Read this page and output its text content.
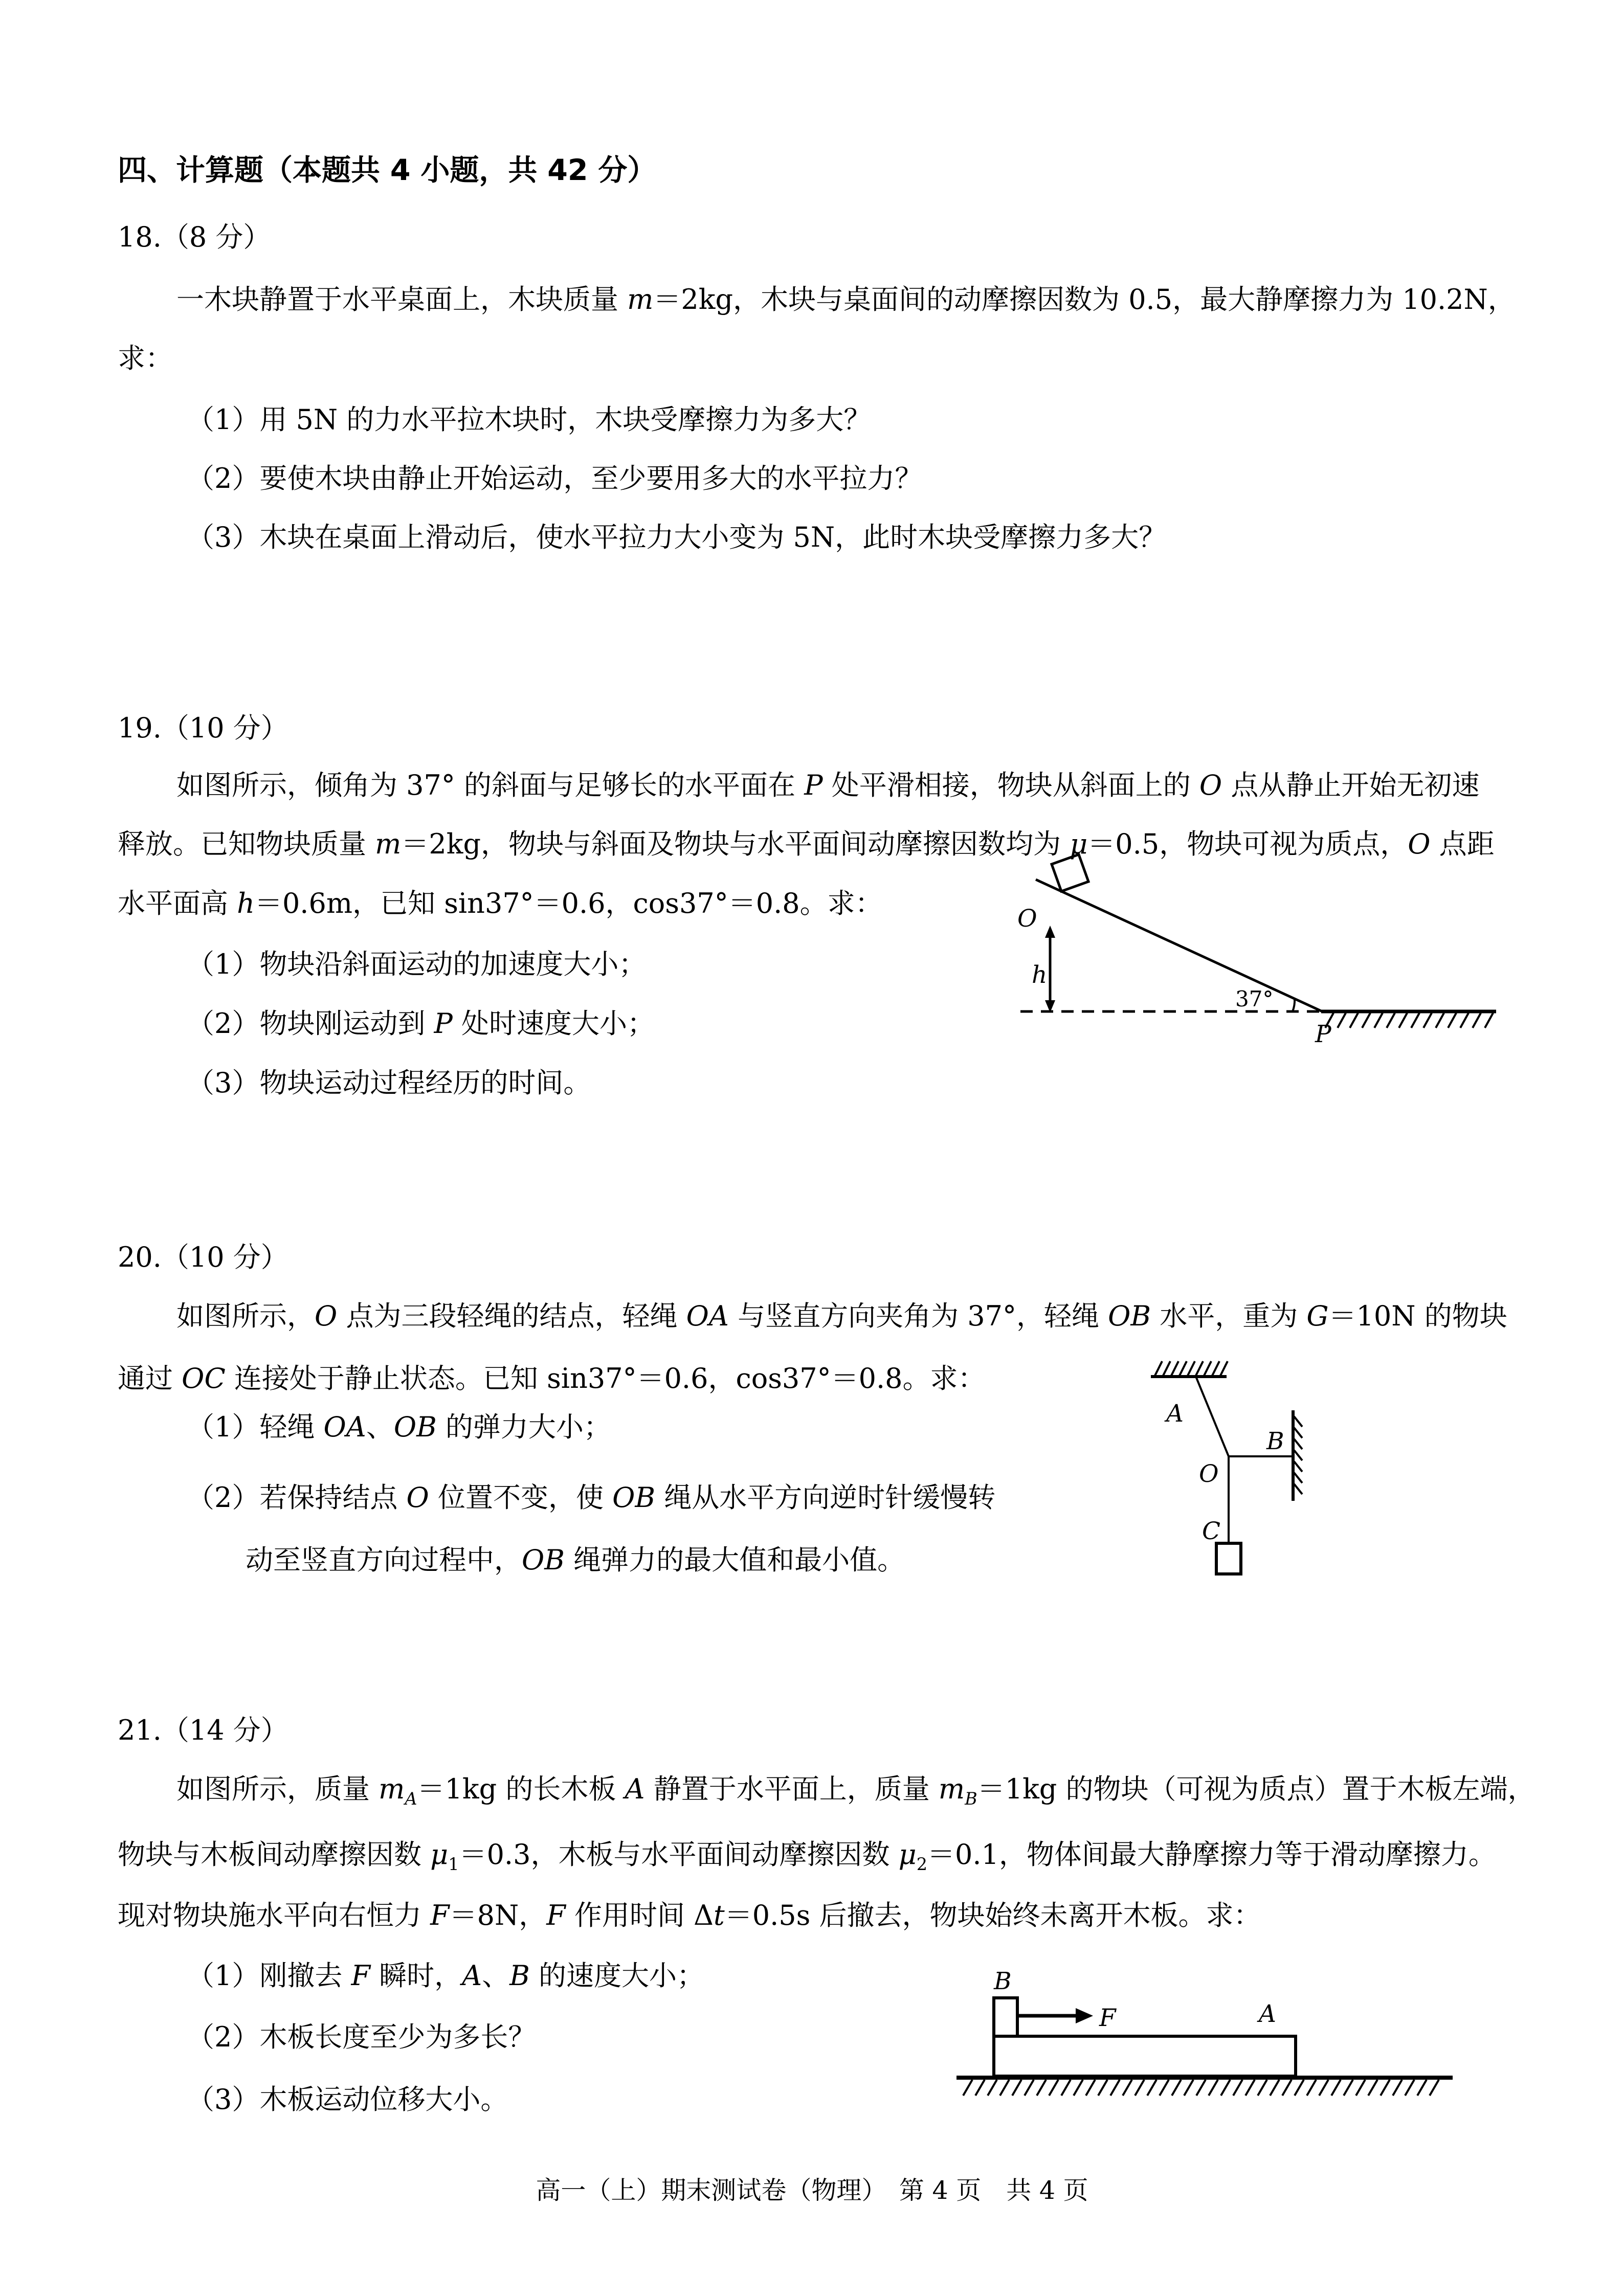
四、计算题（本题共 4 小题，共 42 分）
18.（8 分）
一木块静置于水平桌面上，木块质量 m＝2kg，木块与桌面间的动摩擦因数为 0.5，最大静摩擦力为 10.2N，
求：
（1）用 5N 的力水平拉木块时，木块受摩擦力为多大？
（2）要使木块由静止开始运动，至少要用多大的水平拉力？
（3）木块在桌面上滑动后，使水平拉力大小变为 5N，此时木块受摩擦力多大？
19.（10 分）
如图所示，倾角为 37° 的斜面与足够长的水平面在 P 处平滑相接，物块从斜面上的 O 点从静止开始无初速
释放。已知物块质量 m＝2kg，物块与斜面及物块与水平面间动摩擦因数均为 μ＝0.5，物块可视为质点，O 点距
水平面高 h＝0.6m，已知 sin37°＝0.6，cos37°＝0.8。求：
（1）物块沿斜面运动的加速度大小；
（2）物块刚运动到 P 处时速度大小；
（3）物块运动过程经历的时间。
O
h
37°
P
20.（10 分）
如图所示，O 点为三段轻绳的结点，轻绳 OA 与竖直方向夹角为 37°，轻绳 OB 水平，重为 G＝10N 的物块
通过 OC 连接处于静止状态。已知 sin37°＝0.6，cos37°＝0.8。求：
（1）轻绳 OA、OB 的弹力大小；
（2）若保持结点 O 位置不变，使 OB 绳从水平方向逆时针缓慢转
动至竖直方向过程中，OB 绳弹力的最大值和最小值。
A
B
O
C
21.（14 分）
如图所示，质量 $m_A=1kg$ 的长木板 A 静置于水平面上，质量 $m_B=1kg$ 的物块（可视为质点）置于木板左端，
物块与木板间动摩擦因数 $\mu_1=0.3$，木板与水平面间动摩擦因数 $\mu_2=0.1$，物体间最大静摩擦力等于滑动摩擦力。
现对物块施水平向右恒力 F＝8N，F 作用时间 Δt＝0.5s 后撤去，物块始终未离开木板。求：
（1）刚撤去 F 瞬时，A、B 的速度大小；
（2）木板长度至少为多长？
（3）木板运动位移大小。
B
F	A
高一（上）期末测试卷（物理）　第 4 页　共 4 页
